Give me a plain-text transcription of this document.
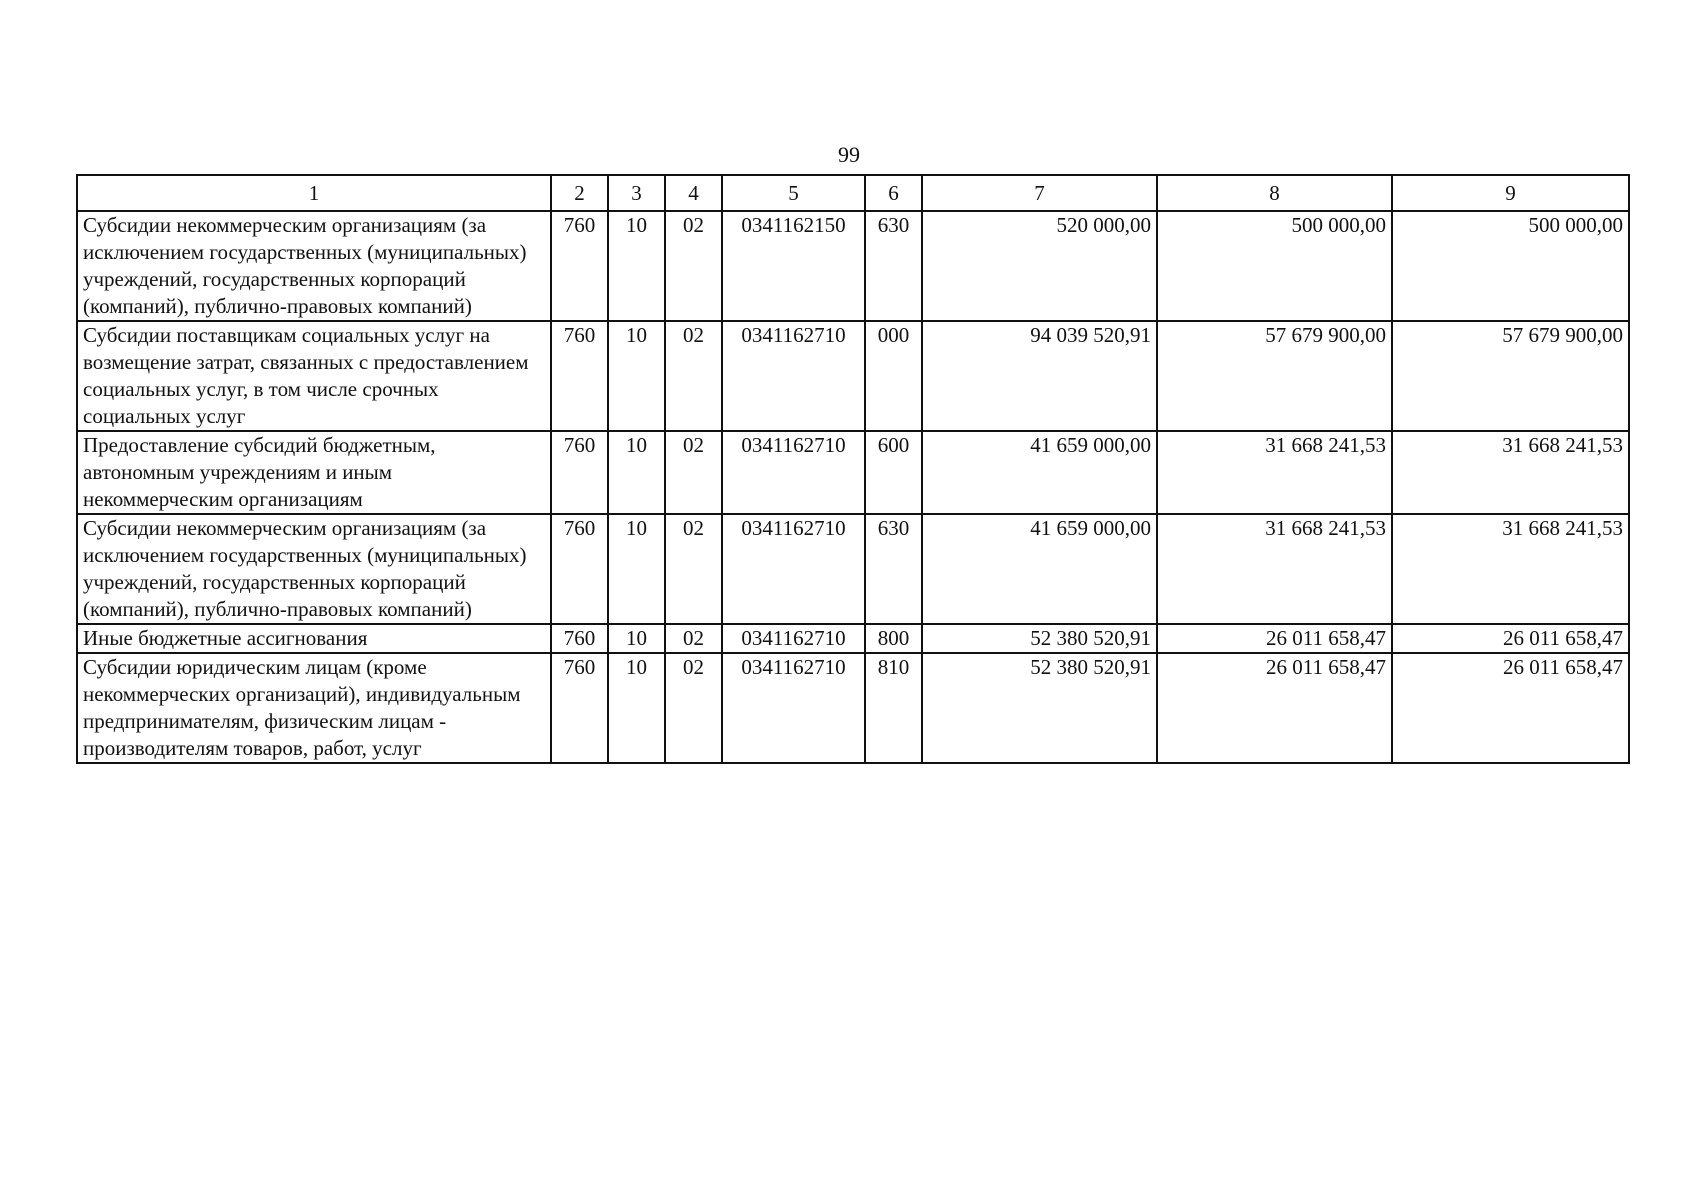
99
1	2	3	4	5	6	7	8	9
Субсидии некоммерческим организациям (за исключением государственных (муниципальных) учреждений, государственных корпораций (компаний), публично-правовых компаний)	760	10	02	0341162150	630	520 000,00	500 000,00	500 000,00
Субсидии поставщикам социальных услуг на возмещение затрат, связанных с предоставлением социальных услуг, в том числе срочных социальных услуг	760	10	02	0341162710	000	94 039 520,91	57 679 900,00	57 679 900,00
Предоставление субсидий бюджетным, автономным учреждениям и иным некоммерческим организациям	760	10	02	0341162710	600	41 659 000,00	31 668 241,53	31 668 241,53
Субсидии некоммерческим организациям (за исключением государственных (муниципальных) учреждений, государственных корпораций (компаний), публично-правовых компаний)	760	10	02	0341162710	630	41 659 000,00	31 668 241,53	31 668 241,53
Иные бюджетные ассигнования	760	10	02	0341162710	800	52 380 520,91	26 011 658,47	26 011 658,47
Субсидии юридическим лицам (кроме некоммерческих организаций), индивидуальным предпринимателям, физическим лицам - производителям товаров, работ, услуг	760	10	02	0341162710	810	52 380 520,91	26 011 658,47	26 011 658,47
